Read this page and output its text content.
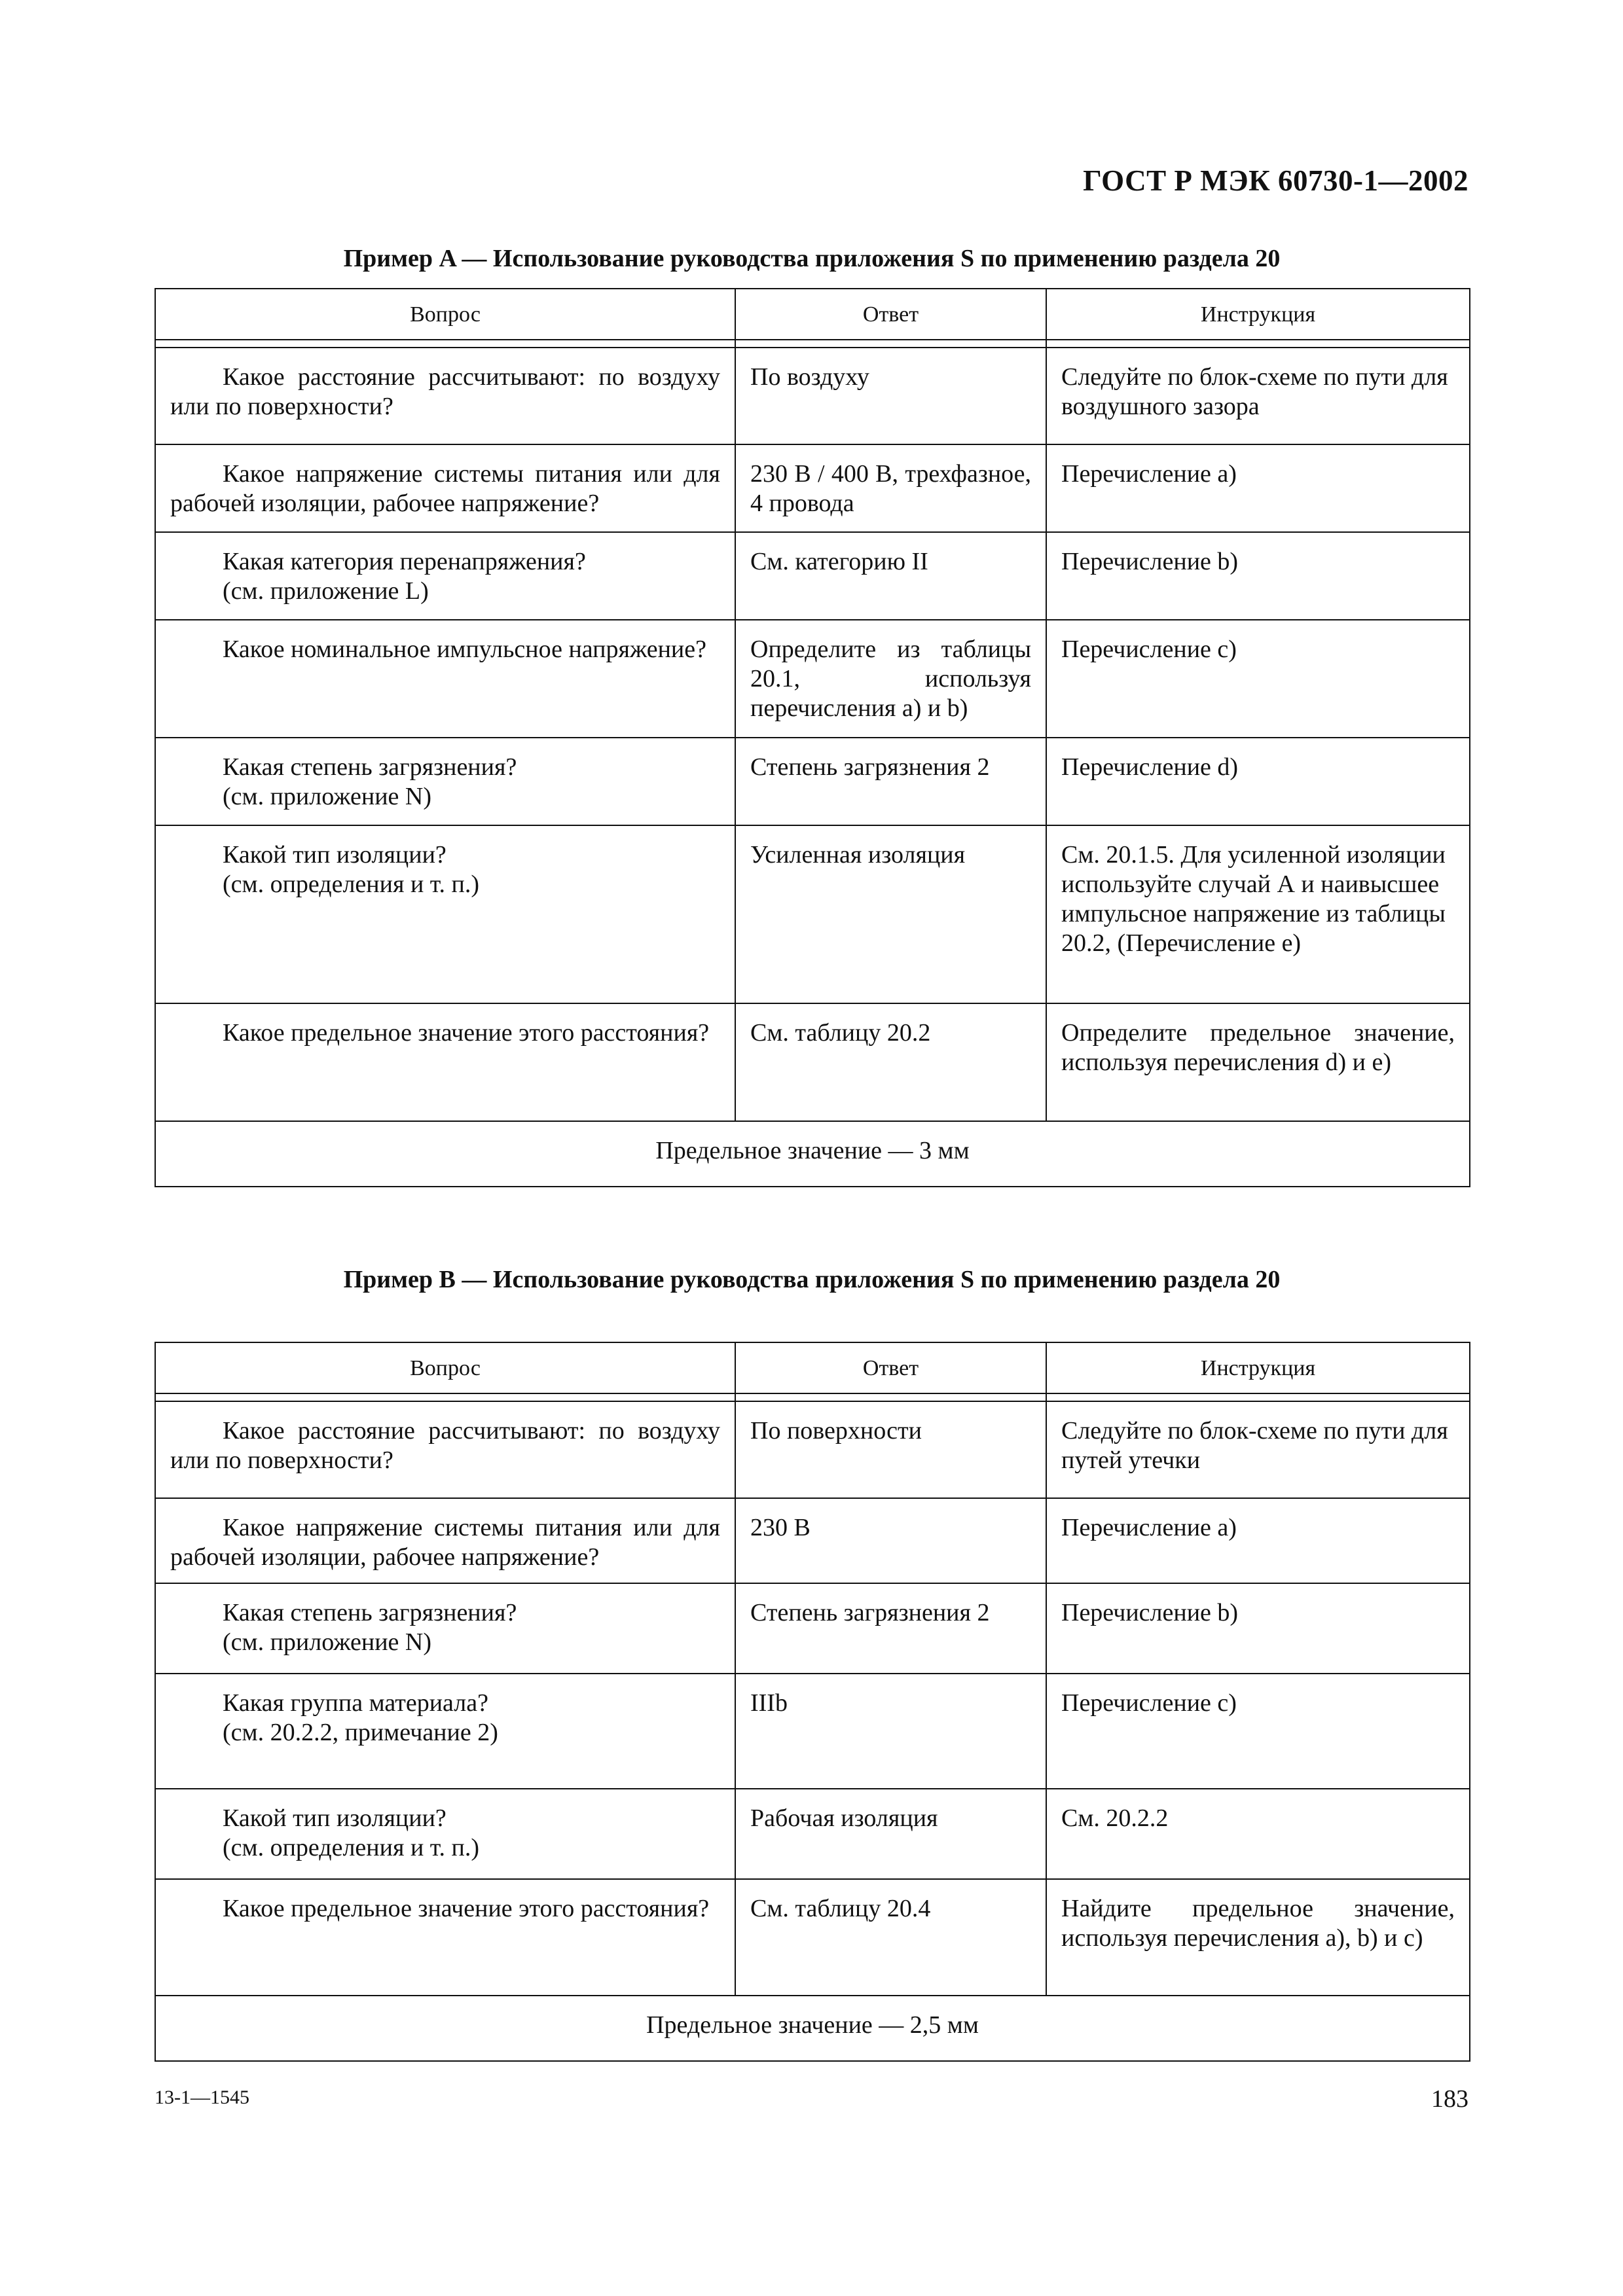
ГОСТ Р МЭК 60730-1—2002
Пример A — Использование руководства приложения S по применению раздела 20
Вопрос	Ответ	Инструкция

Какое расстояние рассчитывают: по воздуху или по поверхности?	По воздуху	Следуйте по блок-схеме по пути для воздушного зазора
Какое напряжение системы питания или для рабочей изоляции, рабочее напряжение?	230 В / 400 В, трехфазное, 4 провода	Перечисление а)
Какая категория перенапряжения?
(см. приложение L)	См. категорию II	Перечисление b)
Какое номинальное импульсное напряжение?	Определите из таблицы 20.1, используя перечисления а) и b)	Перечисление с)
Какая степень загрязнения?
(см. приложение N)	Степень загрязнения 2	Перечисление d)
Какой тип изоляции?
(см. определения и т. п.)	Усиленная изоляция	См. 20.1.5. Для усиленной изоляции используйте случай А и наивысшее импульсное напряжение из таблицы 20.2, (Перечисление е)
Какое предельное значение этого расстояния?	См. таблицу 20.2	Определите предельное значение, используя перечисления d) и е)
Предельное значение — 3 мм		
Пример В — Использование руководства приложения S по применению раздела 20
Вопрос	Ответ	Инструкция

Какое расстояние рассчитывают: по воздуху или по поверхности?	По поверхности	Следуйте по блок-схеме по пути для путей утечки
Какое напряжение системы питания или для рабочей изоляции, рабочее напряжение?	230 В	Перечисление а)
Какая степень загрязнения?
(см. приложение N)	Степень загрязнения 2	Перечисление b)
Какая группа материала?
(см. 20.2.2, примечание 2)	IIIb	Перечисление с)
Какой тип изоляции?
(см. определения и т. п.)	Рабочая изоляция	См. 20.2.2
Какое предельное значение этого расстояния?	См. таблицу 20.4	Найдите предельное значение, используя перечисления а), b) и с)
Предельное значение — 2,5 мм		
13-1—1545	183
